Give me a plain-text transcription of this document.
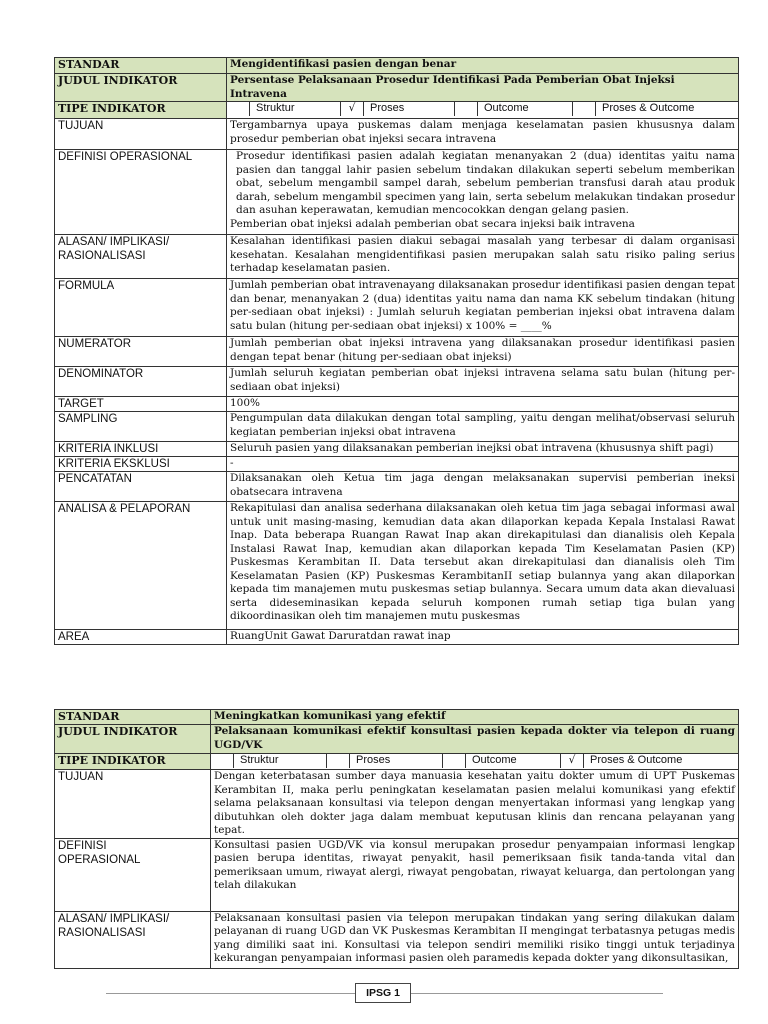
STANDAR	Mengidentifikasi pasien dengan benar
JUDUL INDIKATOR	Persentase Pelaksanaan Prosedur Identifikasi Pada Pemberian Obat Injeksi Intravena
TIPE INDIKATOR	Struktur √ Proses Outcome Proses & Outcome

TUJUAN	Tergambarnya upaya puskemas dalam menjaga keselamatan pasien khususnya dalam prosedur pemberian obat injeksi secara intravena
DEFINISI OPERASIONAL	Prosedur identifikasi pasien adalah kegiatan menanyakan 2 (dua) identitas yaitu nama pasien dan tanggal lahir pasien sebelum tindakan dilakukan seperti sebelum memberikan obat, sebelum mengambil sampel darah, sebelum pemberian transfusi darah atau produk darah, sebelum mengambil specimen yang lain, serta sebelum melakukan tindakan prosedur dan asuhan keperawatan, kemudian mencocokkan dengan gelang pasien.
Pemberian obat injeksi adalah pemberian obat secara injeksi baik intravena

ALASAN/ IMPLIKASI/ RASIONALISASI	Kesalahan identifikasi pasien diakui sebagai masalah yang terbesar di dalam organisasi kesehatan. Kesalahan mengidentifikasi pasien merupakan salah satu risiko paling serius terhadap keselamatan pasien.
FORMULA	Jumlah pemberian obat intravenayang dilaksanakan prosedur identifikasi pasien dengan tepat dan benar, menanyakan 2 (dua) identitas yaitu nama dan nama KK sebelum tindakan (hitung per-sediaan obat injeksi) : Jumlah seluruh kegiatan pemberian injeksi obat intravena dalam satu bulan (hitung per-sediaan obat injeksi) x 100% = ____%
NUMERATOR	Jumlah pemberian obat injeksi intravena yang dilaksanakan prosedur identifikasi pasien dengan tepat benar (hitung per-sediaan obat injeksi)
DENOMINATOR	Jumlah seluruh kegiatan pemberian obat injeksi intravena selama satu bulan (hitung per-sediaan obat injeksi)
TARGET	100%
SAMPLING	Pengumpulan data dilakukan dengan total sampling, yaitu dengan melihat/observasi seluruh kegiatan pemberian injeksi obat intravena
KRITERIA INKLUSI	Seluruh pasien yang dilaksanakan pemberian inejksi obat intravena (khususnya shift pagi)
KRITERIA EKSKLUSI	-
PENCATATAN	Dilaksanakan oleh Ketua tim jaga dengan melaksanakan supervisi pemberian ineksi obatsecara intravena
ANALISA & PELAPORAN	Rekapitulasi dan analisa sederhana dilaksanakan oleh ketua tim jaga sebagai informasi awal untuk unit masing-masing, kemudian data akan dilaporkan kepada Kepala Instalasi Rawat Inap. Data beberapa Ruangan Rawat Inap akan direkapitulasi dan dianalisis oleh Kepala Instalasi Rawat Inap, kemudian akan dilaporkan kepada Tim Keselamatan Pasien (KP) Puskesmas Kerambitan II. Data tersebut akan direkapitulasi dan dianalisis oleh Tim Keselamatan Pasien (KP) Puskesmas KerambitanII setiap bulannya yang akan dilaporkan kepada tim manajemen mutu puskesmas setiap bulannya. Secara umum data akan dievaluasi serta dideseminasikan kepada seluruh komponen rumah setiap tiga bulan yang dikoordinasikan oleh tim manajemen mutu puskesmas
AREA	RuangUnit Gawat Daruratdan rawat inap
STANDAR	Meningkatkan komunikasi yang efektif
JUDUL INDIKATOR	Pelaksanaan komunikasi efektif konsultasi pasien kepada dokter via telepon di ruang UGD/VK
TIPE INDIKATOR	Struktur Proses Outcome √ Proses & Outcome

TUJUAN	Dengan keterbatasan sumber daya manuasia kesehatan yaitu dokter umum di UPT Puskemas Kerambitan II, maka perlu peningkatan keselamatan pasien melalui komunikasi yang efektif selama pelaksanaan konsultasi via telepon dengan menyertakan informasi yang lengkap yang dibutuhkan oleh dokter jaga dalam membuat keputusan klinis dan rencana pelayanan yang tepat.
DEFINISI OPERASIONAL	Konsultasi pasien UGD/VK via konsul merupakan prosedur penyampaian informasi lengkap pasien berupa identitas, riwayat penyakit, hasil pemeriksaan fisik tanda-tanda vital dan pemeriksaan umum, riwayat alergi, riwayat pengobatan, riwayat keluarga, dan pertolongan yang telah dilakukan
ALASAN/ IMPLIKASI/ RASIONALISASI	Pelaksanaan konsultasi pasien via telepon merupakan tindakan yang sering dilakukan dalam pelayanan di ruang UGD dan VK Puskesmas Kerambitan II mengingat terbatasnya petugas medis yang dimiliki saat ini. Konsultasi via telepon sendiri memiliki risiko tinggi untuk terjadinya kekurangan penyampaian informasi pasien oleh paramedis kepada dokter yang dikonsultasikan,
IPSG 1
